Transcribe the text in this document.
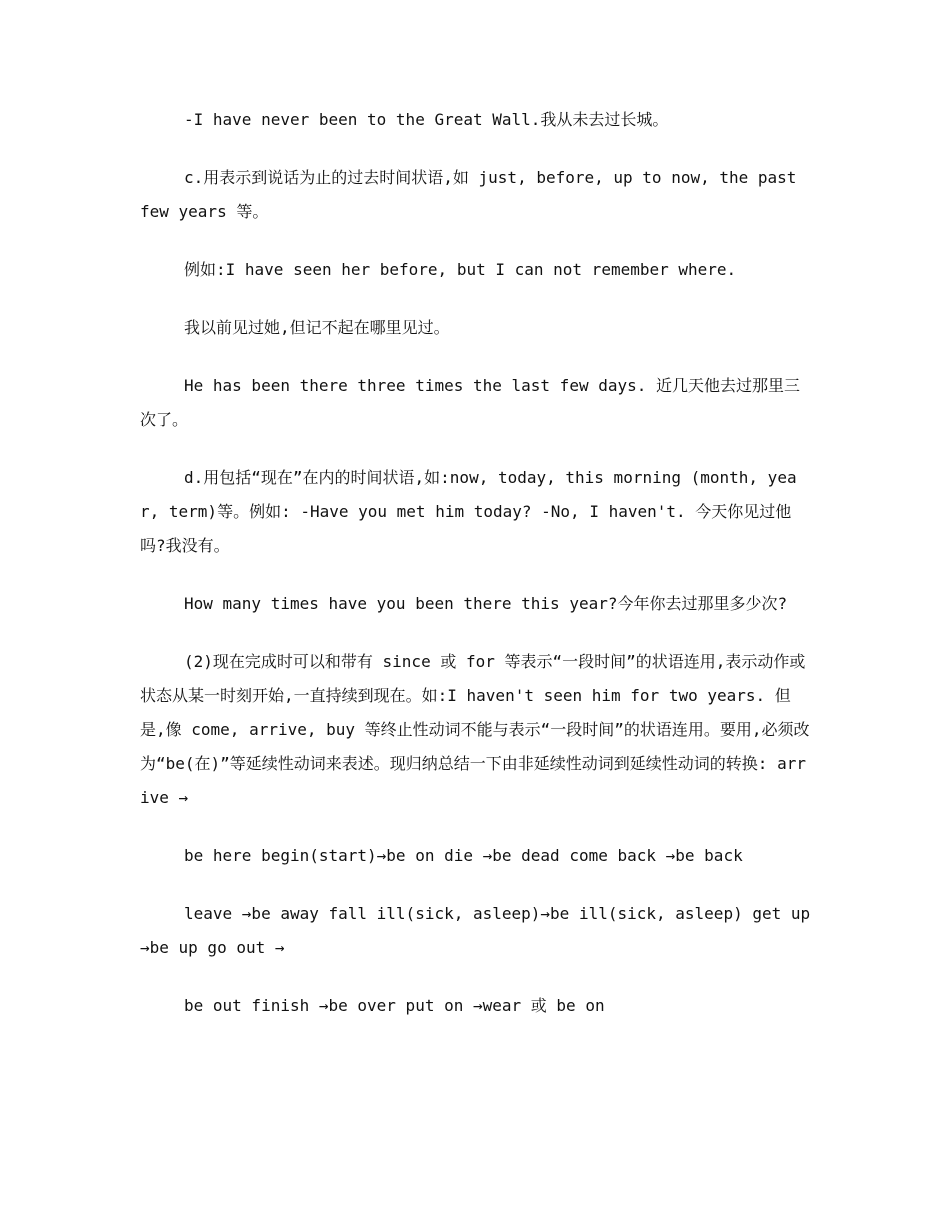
-I have never been to the Great Wall.我从未去过长城。

c.用表示到说话为止的过去时间状语,如 just, before, up to now, the past few years 等。

例如:I have seen her before, but I can not remember where.

我以前见过她,但记不起在哪里见过。

He has been there three times the last few days. 近几天他去过那里三次了。

d.用包括“现在”在内的时间状语,如:now, today, this morning (month, year, term)等。例如: -Have you met him today? -No, I haven't. 今天你见过他吗?我没有。

How many times have you been there this year?今年你去过那里多少次?

(2)现在完成时可以和带有 since 或 for 等表示“一段时间”的状语连用,表示动作或状态从某一时刻开始,一直持续到现在。如:I haven't seen him for two years. 但是,像 come, arrive, buy 等终止性动词不能与表示“一段时间”的状语连用。要用,必须改为“be(在)”等延续性动词来表述。现归纳总结一下由非延续性动词到延续性动词的转换: arrive →

be here begin(start)→be on die →be dead come back →be back

leave →be away fall ill(sick, asleep)→be ill(sick, asleep) get up →be up go out →

be out finish →be over put on →wear 或 be on
